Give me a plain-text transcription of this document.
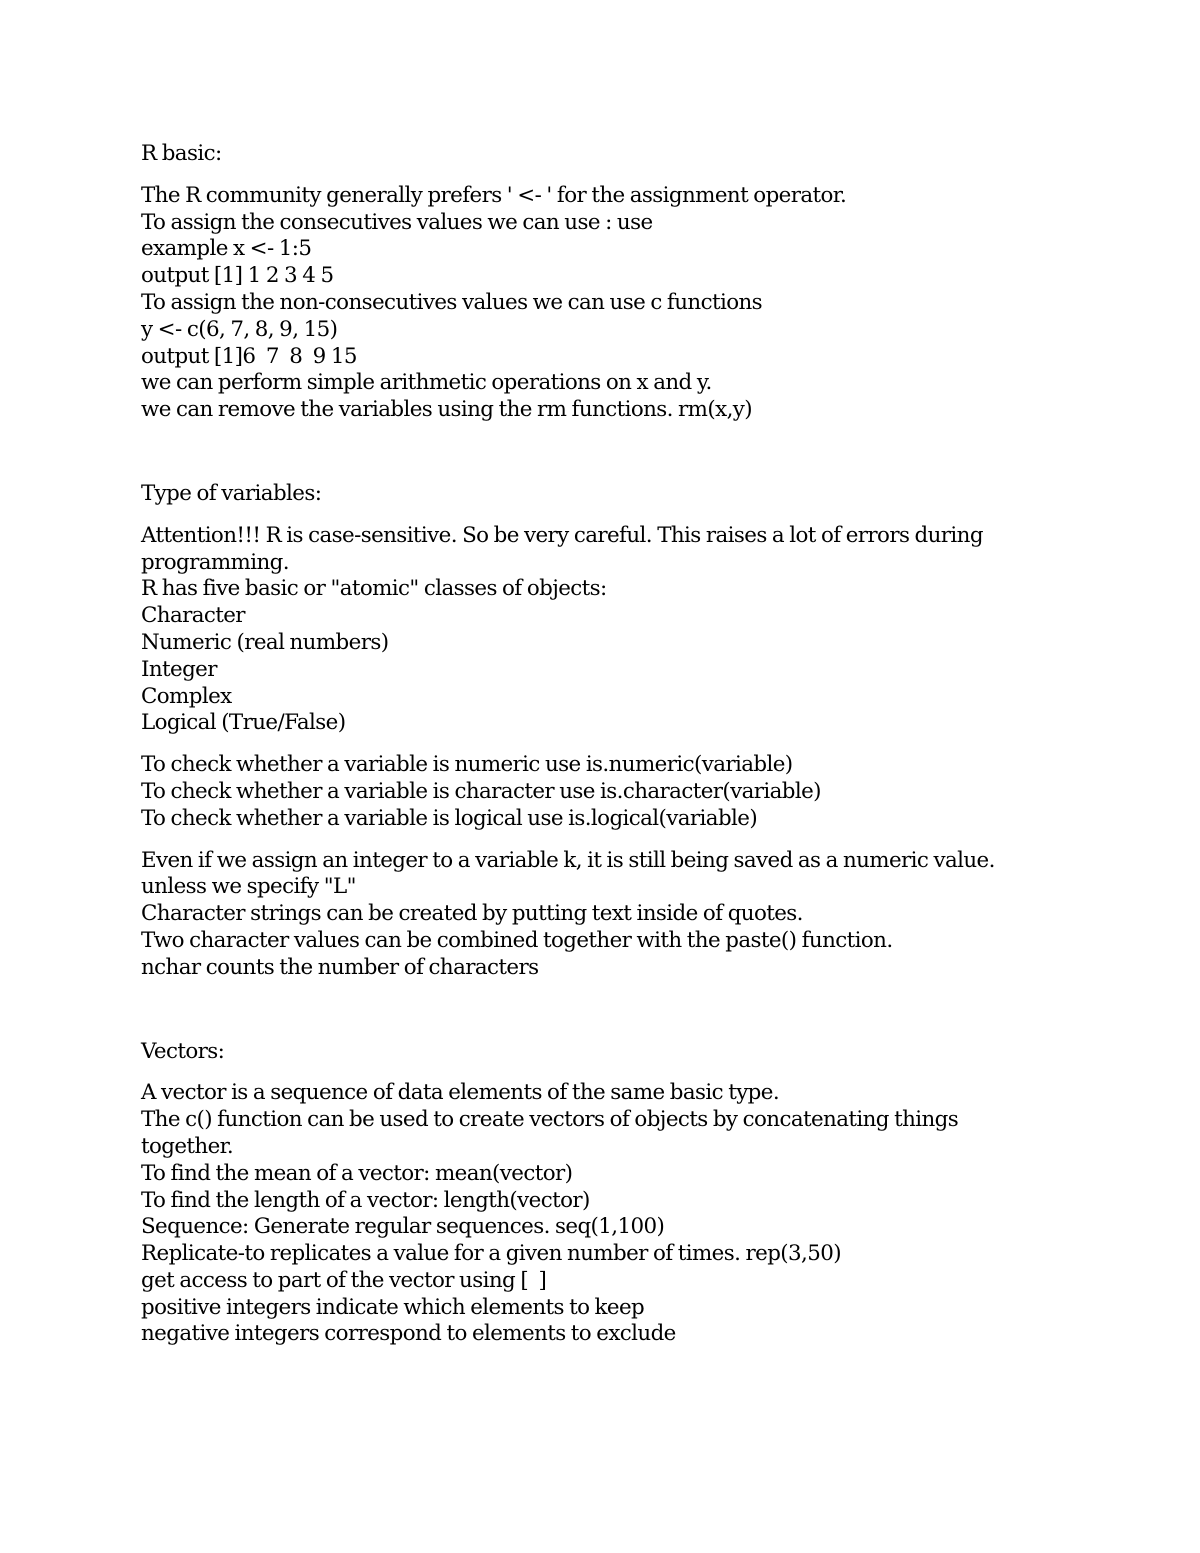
R basic:
The R community generally prefers ' <- ' for the assignment operator.
To assign the consecutives values we can use : use
example x <- 1:5
output [1] 1 2 3 4 5
To assign the non-consecutives values we can use c functions
y <- c(6, 7, 8, 9, 15)
output [1]6  7  8  9 15
we can perform simple arithmetic operations on x and y.
we can remove the variables using the rm functions. rm(x,y)
Type of variables:
Attention!!! R is case-sensitive. So be very careful. This raises a lot of errors during
programming.
R has five basic or "atomic" classes of objects:
Character
Numeric (real numbers)
Integer
Complex
Logical (True/False)
To check whether a variable is numeric use is.numeric(variable)
To check whether a variable is character use is.character(variable)
To check whether a variable is logical use is.logical(variable)
Even if we assign an integer to a variable k, it is still being saved as a numeric value.
unless we specify "L"
Character strings can be created by putting text inside of quotes.
Two character values can be combined together with the paste() function.
nchar counts the number of characters
Vectors:
A vector is a sequence of data elements of the same basic type.
The c() function can be used to create vectors of objects by concatenating things
together.
To find the mean of a vector: mean(vector)
To find the length of a vector: length(vector)
Sequence: Generate regular sequences. seq(1,100)
Replicate-to replicates a value for a given number of times. rep(3,50)
get access to part of the vector using [  ]
positive integers indicate which elements to keep
negative integers correspond to elements to exclude
